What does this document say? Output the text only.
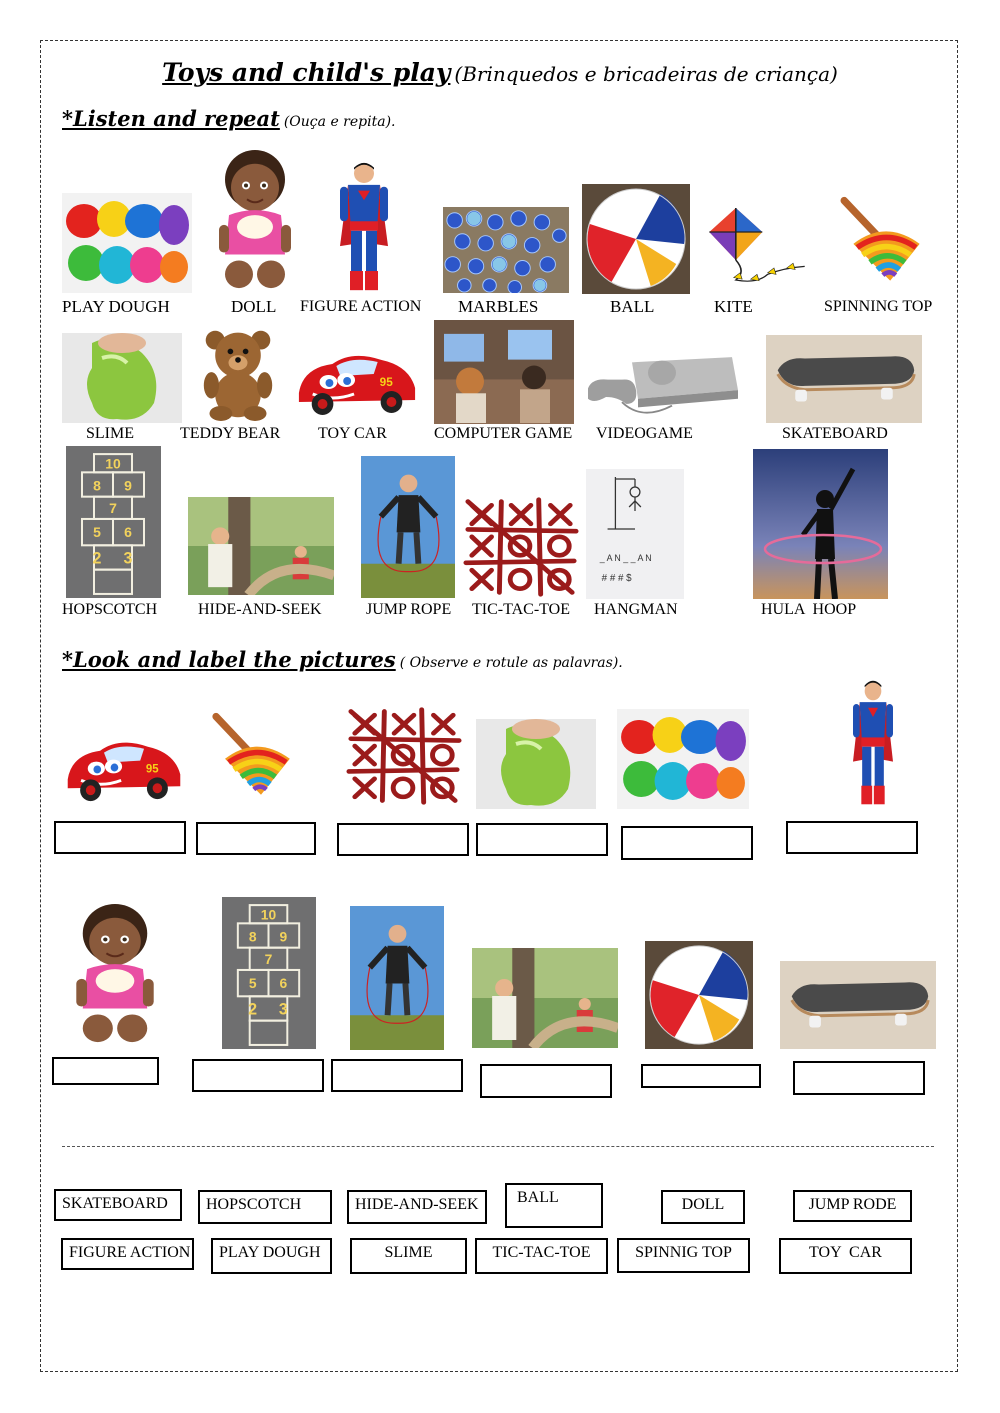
Toys and child's play (Brinquedos e bricadeiras de criança)
*Listen and repeat (Ouça e repita).
PLAY DOUGH	DOLL FIGURE ACTION MARBLES	BALL	KITE	SPINNING TOP
SLIME	TEDDY BEAR TOY CAR	COMPUTER GAME VIDEOGAME	SKATEBOARD
_ A N _ _ A N
HOPSCOTCH	HIDE-AND-SEEK	JUMP ROPE TIC-TAC-TOE HANGMAN	HULA  HOOP
*Look and label the pictures ( Observe e rotule as palavras).
SKATEBOARD	HOPSCOTCH	HIDE-AND-SEEK	BALL	DOLL	JUMP RODE
FIGURE ACTION	PLAY DOUGH	SLIME	TIC-TAC-TOE	SPINNIG TOP	TOY  CAR
